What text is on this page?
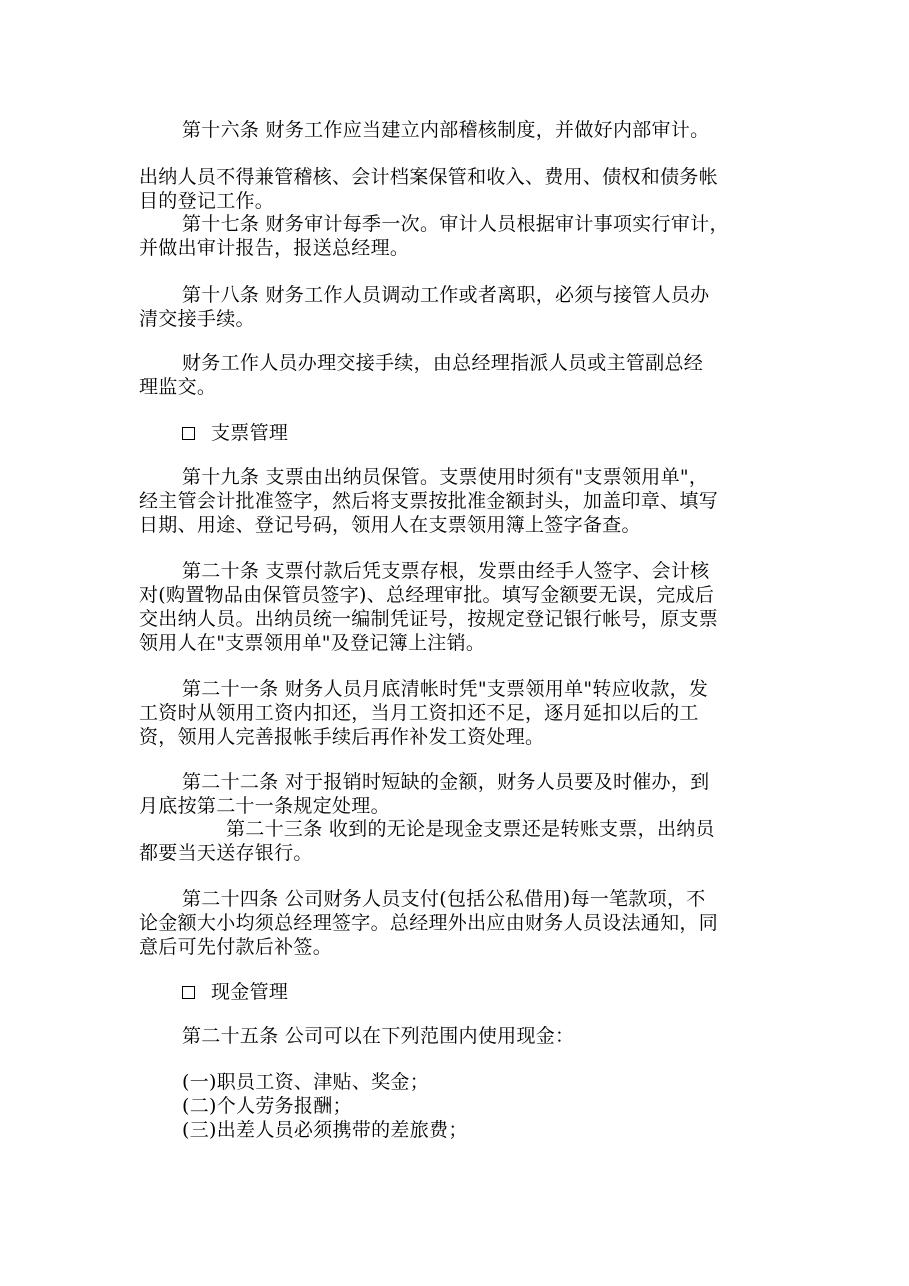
第十六条 财务工作应当建立内部稽核制度，并做好内部审计。
出纳人员不得兼管稽核、会计档案保管和收入、费用、债权和债务帐
目的登记工作。
第十七条 财务审计每季一次。审计人员根据审计事项实行审计，
并做出审计报告，报送总经理。
第十八条 财务工作人员调动工作或者离职，必须与接管人员办
清交接手续。
财务工作人员办理交接手续，由总经理指派人员或主管副总经
理监交。
支票管理
第十九条 支票由出纳员保管。支票使用时须有"支票领用单"，
经主管会计批准签字，然后将支票按批准金额封头，加盖印章、填写
日期、用途、登记号码，领用人在支票领用簿上签字备查。
第二十条 支票付款后凭支票存根，发票由经手人签字、会计核
对(购置物品由保管员签字)、总经理审批。填写金额要无误，完成后
交出纳人员。出纳员统一编制凭证号，按规定登记银行帐号，原支票
领用人在"支票领用单"及登记簿上注销。
第二十一条 财务人员月底清帐时凭"支票领用单"转应收款，发
工资时从领用工资内扣还，当月工资扣还不足，逐月延扣以后的工
资，领用人完善报帐手续后再作补发工资处理。
第二十二条 对于报销时短缺的金额，财务人员要及时催办，到
月底按第二十一条规定处理。
第二十三条 收到的无论是现金支票还是转账支票，出纳员
都要当天送存银行。
第二十四条 公司财务人员支付(包括公私借用)每一笔款项，不
论金额大小均须总经理签字。总经理外出应由财务人员设法通知，同
意后可先付款后补签。
现金管理
第二十五条 公司可以在下列范围内使用现金：
(一)职员工资、津贴、奖金；
(二)个人劳务报酬；
(三)出差人员必须携带的差旅费；
